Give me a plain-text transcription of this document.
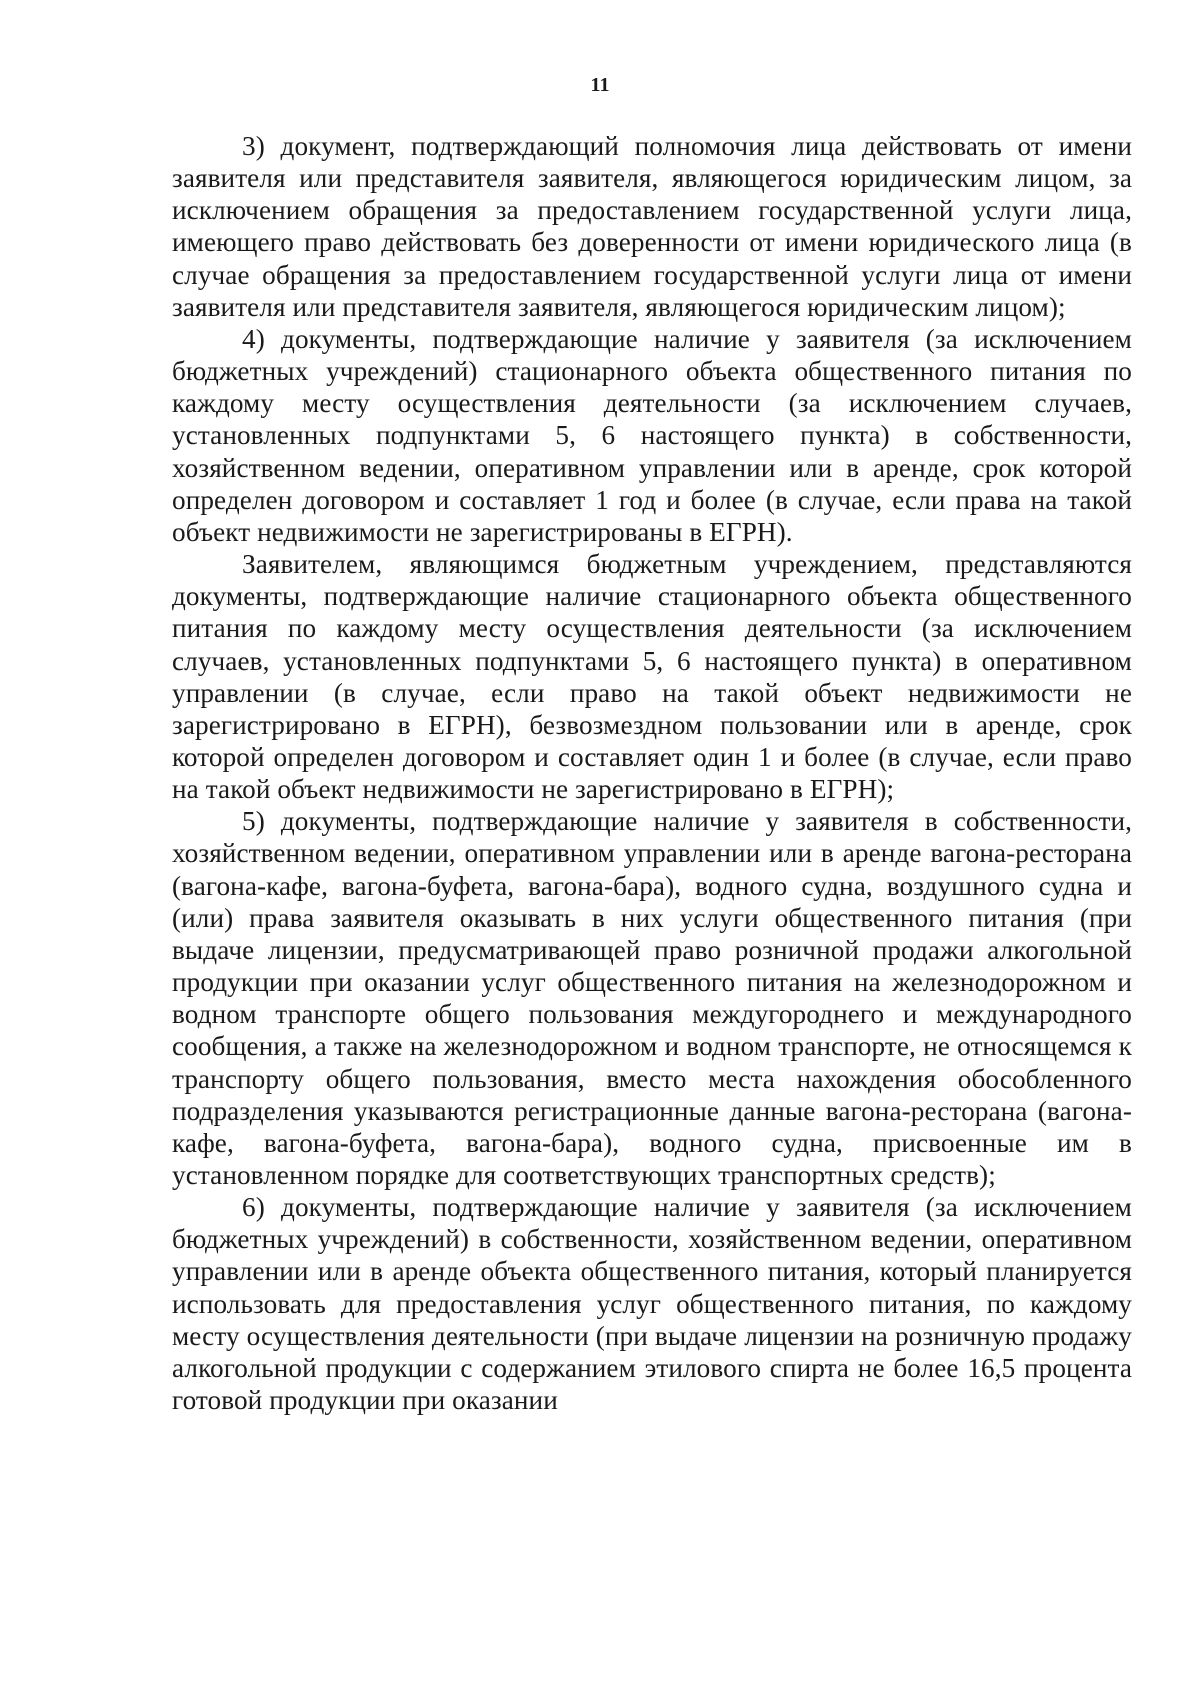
11

3) документ, подтверждающий полномочия лица действовать от имени заявителя или представителя заявителя, являющегося юридическим лицом, за исключением обращения за предоставлением государственной услуги лица, имеющего право действовать без доверенности от имени юридического лица (в случае обращения за предоставлением государственной услуги лица от имени заявителя или представителя заявителя, являющегося юридическим лицом);

4) документы, подтверждающие наличие у заявителя (за исключением бюджетных учреждений) стационарного объекта общественного питания по каждому месту осуществления деятельности (за исключением случаев, установленных подпунктами 5, 6 настоящего пункта) в собственности, хозяйственном ведении, оперативном управлении или в аренде, срок которой определен договором и составляет 1 год и более (в случае, если права на такой объект недвижимости не зарегистрированы в ЕГРН).

Заявителем, являющимся бюджетным учреждением, представляются документы, подтверждающие наличие стационарного объекта общественного питания по каждому месту осуществления деятельности (за исключением случаев, установленных подпунктами 5, 6 настоящего пункта) в оперативном управлении (в случае, если право на такой объект недвижимости не зарегистрировано в ЕГРН), безвозмездном пользовании или в аренде, срок которой определен договором и составляет один 1 и более (в случае, если право на такой объект недвижимости не зарегистрировано в ЕГРН);

5) документы, подтверждающие наличие у заявителя в собственности, хозяйственном ведении, оперативном управлении или в аренде вагона-ресторана (вагона-кафе, вагона-буфета, вагона-бара), водного судна, воздушного судна и (или) права заявителя оказывать в них услуги общественного питания (при выдаче лицензии, предусматривающей право розничной продажи алкогольной продукции при оказании услуг общественного питания на железнодорожном и водном транспорте общего пользования междугороднего и международного сообщения, а также на железнодорожном и водном транспорте, не относящемся к транспорту общего пользования, вместо места нахождения обособленного подразделения указываются регистрационные данные вагона-ресторана (вагона-кафе, вагона-буфета, вагона-бара), водного судна, присвоенные им в установленном порядке для соответствующих транспортных средств);

6) документы, подтверждающие наличие у заявителя (за исключением бюджетных учреждений) в собственности, хозяйственном ведении, оперативном управлении или в аренде объекта общественного питания, который планируется использовать для предоставления услуг общественного питания, по каждому месту осуществления деятельности (при выдаче лицензии на розничную продажу алкогольной продукции с содержанием этилового спирта не более 16,5 процента готовой продукции при оказании
